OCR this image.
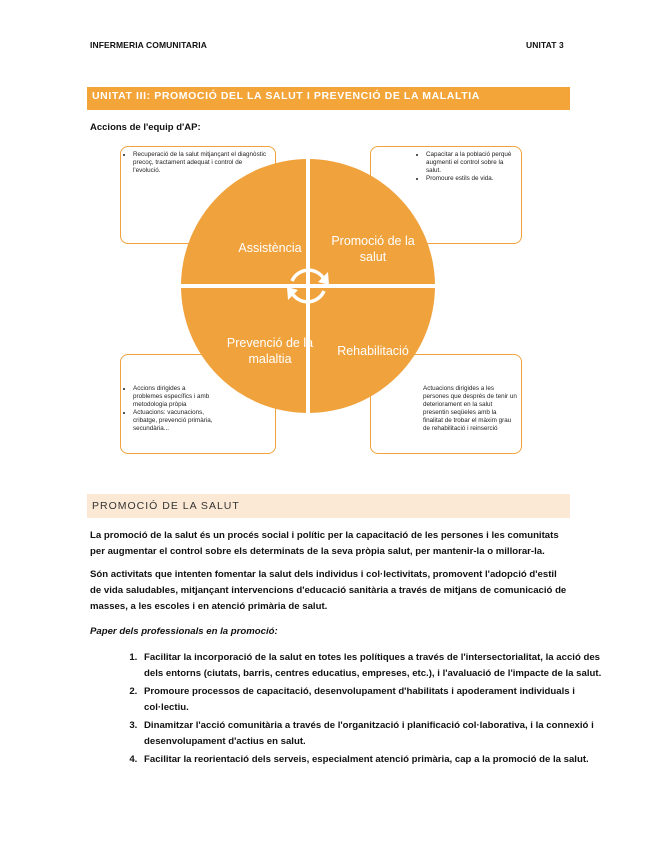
INFERMERIA COMUNITARIA	UNITAT 3
UNITAT III: PROMOCIÓ DEL LA SALUT I PREVENCIÓ DE LA MALALTIA
Accions de l'equip d'AP:
• Recuperació de la salut mitjançant el diagnòstic precoç, tractament adequat i control de l'evolució.
• Capacitar a la població perquè augmenti el control sobre la salut.
• Promoure estils de vida.
• Accions dirigides a problemes específics i amb metodologia pròpia
• Actuacions: vacunacions, cribatge, prevenció primària, secundària...
Actuacions dirigides a les persones que després de tenir un deteriorament en la salut presentin seqüeles amb la finalitat de trobar el màxim grau de rehabilitació i reinserció
Assistència	Promoció de la salut
Prevenció de la malaltia
Rehabilitació
PROMOCIÓ DE LA SALUT
La promoció de la salut és un procés social i polític per la capacitació de les persones i les comunitats per augmentar el control sobre els determinats de la seva pròpia salut, per mantenir-la o millorar-la.
Són activitats que intenten fomentar la salut dels individus i col·lectivitats, promovent l'adopció d'estil de vida saludables, mitjançant intervencions d'educació sanitària a través de mitjans de comunicació de masses, a les escoles i en atenció primària de salut.
Paper dels professionals en la promoció:
1. Facilitar la incorporació de la salut en totes les polítiques a través de l'intersectorialitat, la acció des dels entorns (ciutats, barris, centres educatius, empreses, etc.), i l'avaluació de l'impacte de la salut.
2. Promoure processos de capacitació, desenvolupament d'habilitats i apoderament individuals i col·lectiu.
3. Dinamitzar l'acció comunitària a través de l'organització i planificació col·laborativa, i la connexió i desenvolupament d'actius en salut.
4. Facilitar la reorientació dels serveis, especialment atenció primària, cap a la promoció de la salut.
